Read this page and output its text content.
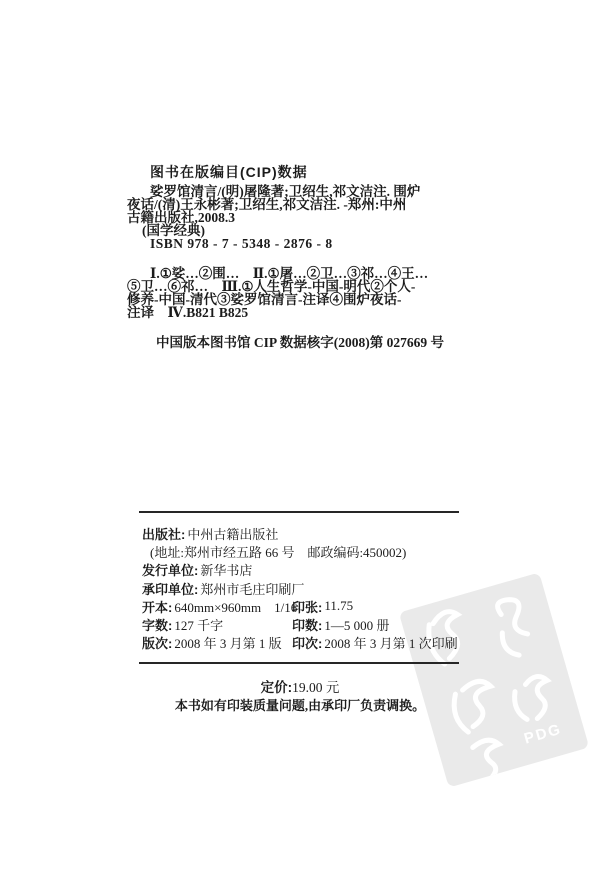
PDG
图书在版编目(CIP)数据
娑罗馆清言/(明)屠隆著;卫绍生,祁文洁注. 围炉
夜话/(清)王永彬著;卫绍生,祁文洁注. -郑州:中州
古籍出版社,2008.3
(国学经典)
ISBN 978 - 7 - 5348 - 2876 - 8
Ⅰ.①娑…②围…　Ⅱ.①屠…②卫…③祁…④王…
⑤卫…⑥祁…　Ⅲ.①人生哲学-中国-明代②个人-
修养-中国-清代③娑罗馆清言-注译④围炉夜话-
注译　Ⅳ.B821 B825
中国版本图书馆 CIP 数据核字(2008)第 027669 号
出版社: 中州古籍出版社
(地址:郑州市经五路 66 号　邮政编码:450002)
发行单位: 新华书店
承印单位: 郑州市毛庄印刷厂
开本: 640mm×960mm　1/16
印张: 11.75
字数: 127 千字	印数: 1—5 000 册
版次: 2008 年 3 月第 1 版 印次: 2008 年 3 月第 1 次印刷
定价:19.00 元
本书如有印装质量问题,由承印厂负责调换。
